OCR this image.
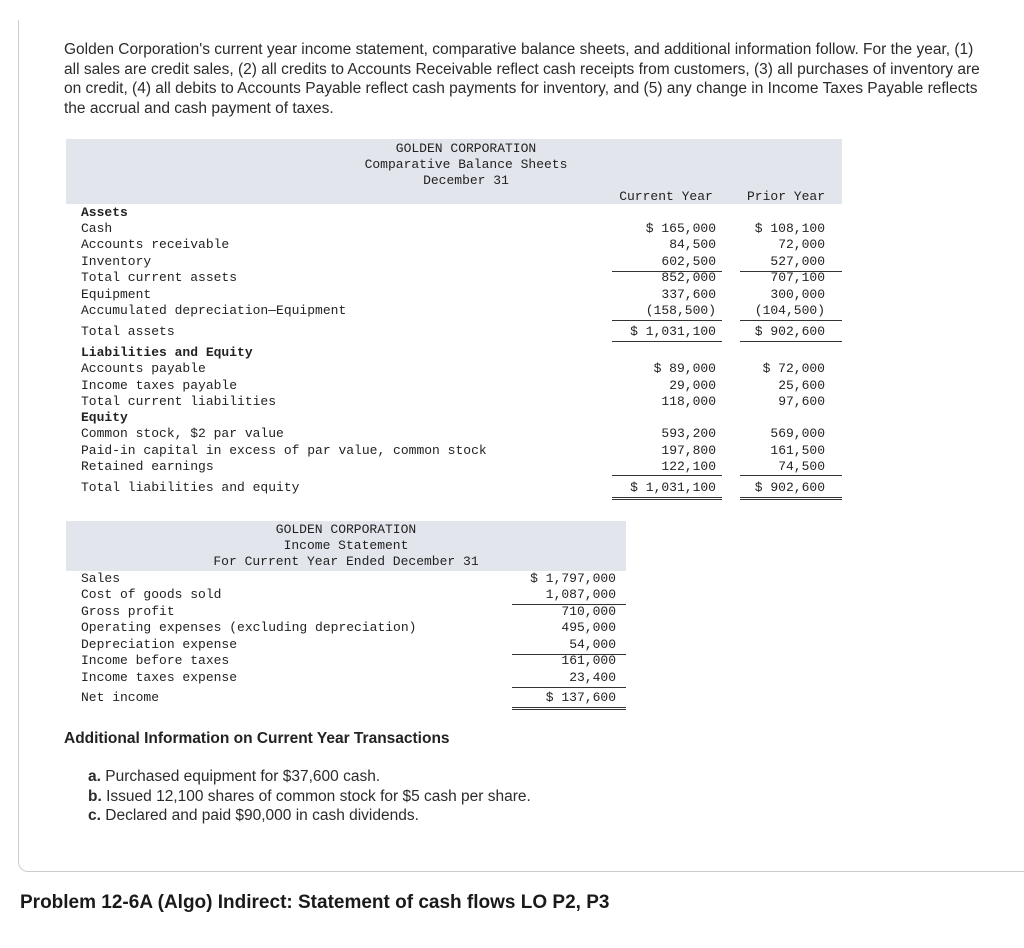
Golden Corporation's current year income statement, comparative balance sheets, and additional information follow. For the year, (1) all sales are credit sales, (2) all credits to Accounts Receivable reflect cash receipts from customers, (3) all purchases of inventory are on credit, (4) all debits to Accounts Payable reflect cash payments for inventory, and (5) any change in Income Taxes Payable reflects the accrual and cash payment of taxes.
GOLDEN CORPORATION
Comparative Balance Sheets
December 31
Current Year	Prior Year
Assets
Cash	$ 165,000	$ 108,100
Accounts receivable	84,500	72,000
Inventory	602,500	527,000
Total current assets	852,000	707,100
Equipment	337,600	300,000
Accumulated depreciation—Equipment	(158,500)	(104,500)
Total assets	$ 1,031,100	$ 902,600
Liabilities and Equity
Accounts payable	$ 89,000	$ 72,000
Income taxes payable	29,000	25,600
Total current liabilities	118,000	97,600
Equity
Common stock, $2 par value	593,200	569,000
Paid-in capital in excess of par value, common stock	197,800	161,500
Retained earnings	122,100	74,500
Total liabilities and equity	$ 1,031,100	$ 902,600
GOLDEN CORPORATION
Income Statement
For Current Year Ended December 31
Sales	$ 1,797,000
Cost of goods sold	1,087,000
Gross profit	710,000
Operating expenses (excluding depreciation)	495,000
Depreciation expense	54,000
Income before taxes	161,000
Income taxes expense	23,400
Net income	$ 137,600
Additional Information on Current Year Transactions
a. Purchased equipment for $37,600 cash.
b. Issued 12,100 shares of common stock for $5 cash per share.
c. Declared and paid $90,000 in cash dividends.
Problem 12-6A (Algo) Indirect: Statement of cash flows LO P2, P3
